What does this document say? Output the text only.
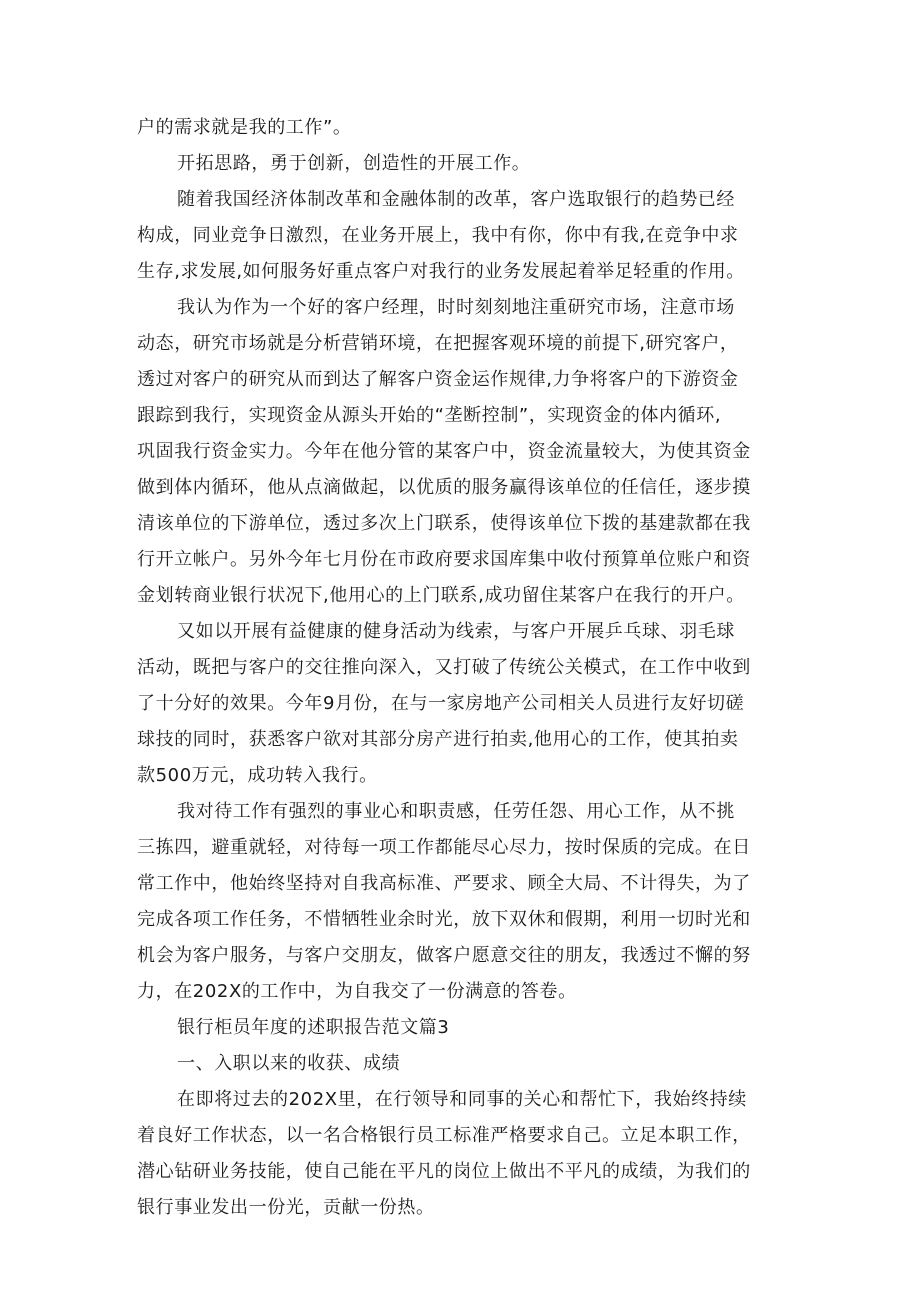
户的需求就是我的工作”。

开拓思路，勇于创新，创造性的开展工作。

随着我国经济体制改革和金融体制的改革，客户选取银行的趋势已经

构成，同业竞争日激烈，在业务开展上，我中有你，你中有我,在竞争中求

生存,求发展,如何服务好重点客户对我行的业务发展起着举足轻重的作用。

我认为作为一个好的客户经理，时时刻刻地注重研究市场，注意市场

动态，研究市场就是分析营销环境，在把握客观环境的前提下,研究客户，

透过对客户的研究从而到达了解客户资金运作规律,力争将客户的下游资金

跟踪到我行，实现资金从源头开始的“垄断控制”，实现资金的体内循环,

巩固我行资金实力。今年在他分管的某客户中，资金流量较大，为使其资金

做到体内循环，他从点滴做起，以优质的服务赢得该单位的任信任，逐步摸

清该单位的下游单位，透过多次上门联系，使得该单位下拨的基建款都在我

行开立帐户。另外今年七月份在市政府要求国库集中收付预算单位账户和资

金划转商业银行状况下,他用心的上门联系,成功留住某客户在我行的开户。

又如以开展有益健康的健身活动为线索，与客户开展乒乓球、羽毛球

活动，既把与客户的交往推向深入，又打破了传统公关模式，在工作中收到

了十分好的效果。今年9月份，在与一家房地产公司相关人员进行友好切磋

球技的同时，获悉客户欲对其部分房产进行拍卖,他用心的工作，使其拍卖

款500万元，成功转入我行。

我对待工作有强烈的事业心和职责感，任劳任怨、用心工作，从不挑

三拣四，避重就轻，对待每一项工作都能尽心尽力，按时保质的完成。在日

常工作中，他始终坚持对自我高标准、严要求、顾全大局、不计得失，为了

完成各项工作任务，不惜牺牲业余时光，放下双休和假期，利用一切时光和

机会为客户服务，与客户交朋友，做客户愿意交往的朋友，我透过不懈的努

力，在202X的工作中，为自我交了一份满意的答卷。

银行柜员年度的述职报告范文篇3

一、入职以来的收获、成绩

在即将过去的202X里，在行领导和同事的关心和帮忙下，我始终持续

着良好工作状态，以一名合格银行员工标准严格要求自己。立足本职工作，

潜心钻研业务技能，使自己能在平凡的岗位上做出不平凡的成绩，为我们的

银行事业发出一份光，贡献一份热。
